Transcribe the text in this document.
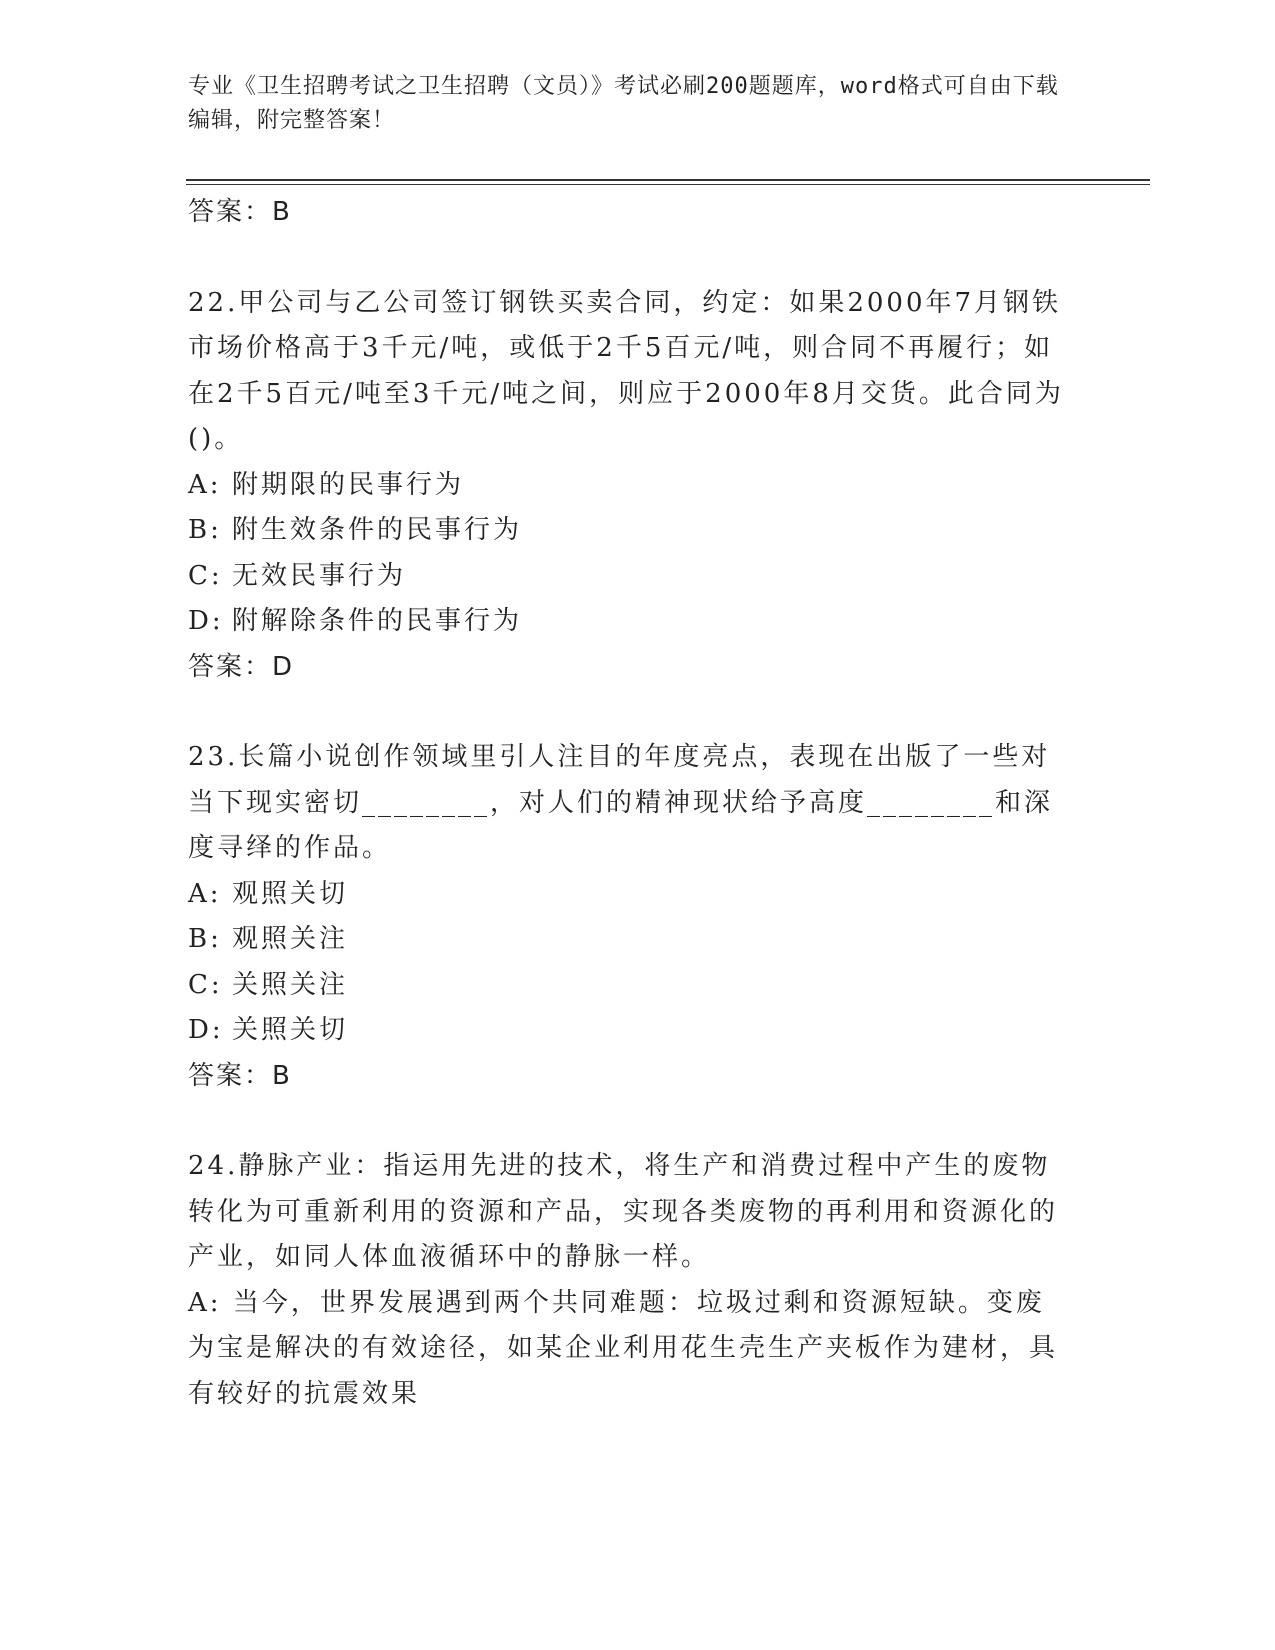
专业《卫生招聘考试之卫生招聘（文员）》考试必刷200题题库，word格式可自由下载编辑，附完整答案！
答案：B
22.甲公司与乙公司签订钢铁买卖合同，约定：如果2000年7月钢铁市场价格高于3千元/吨，或低于2千5百元/吨，则合同不再履行；如在2千5百元/吨至3千元/吨之间，则应于2000年8月交货。此合同为()。
A: 附期限的民事行为
B: 附生效条件的民事行为
C: 无效民事行为
D: 附解除条件的民事行为
答案：D
23.长篇小说创作领域里引人注目的年度亮点，表现在出版了一些对当下现实密切________，对人们的精神现状给予高度________和深度寻绎的作品。
A: 观照关切
B: 观照关注
C: 关照关注
D: 关照关切
答案：B
24.静脉产业：指运用先进的技术，将生产和消费过程中产生的废物转化为可重新利用的资源和产品，实现各类废物的再利用和资源化的产业，如同人体血液循环中的静脉一样。
A: 当今，世界发展遇到两个共同难题：垃圾过剩和资源短缺。变废为宝是解决的有效途径，如某企业利用花生壳生产夹板作为建材，具有较好的抗震效果
